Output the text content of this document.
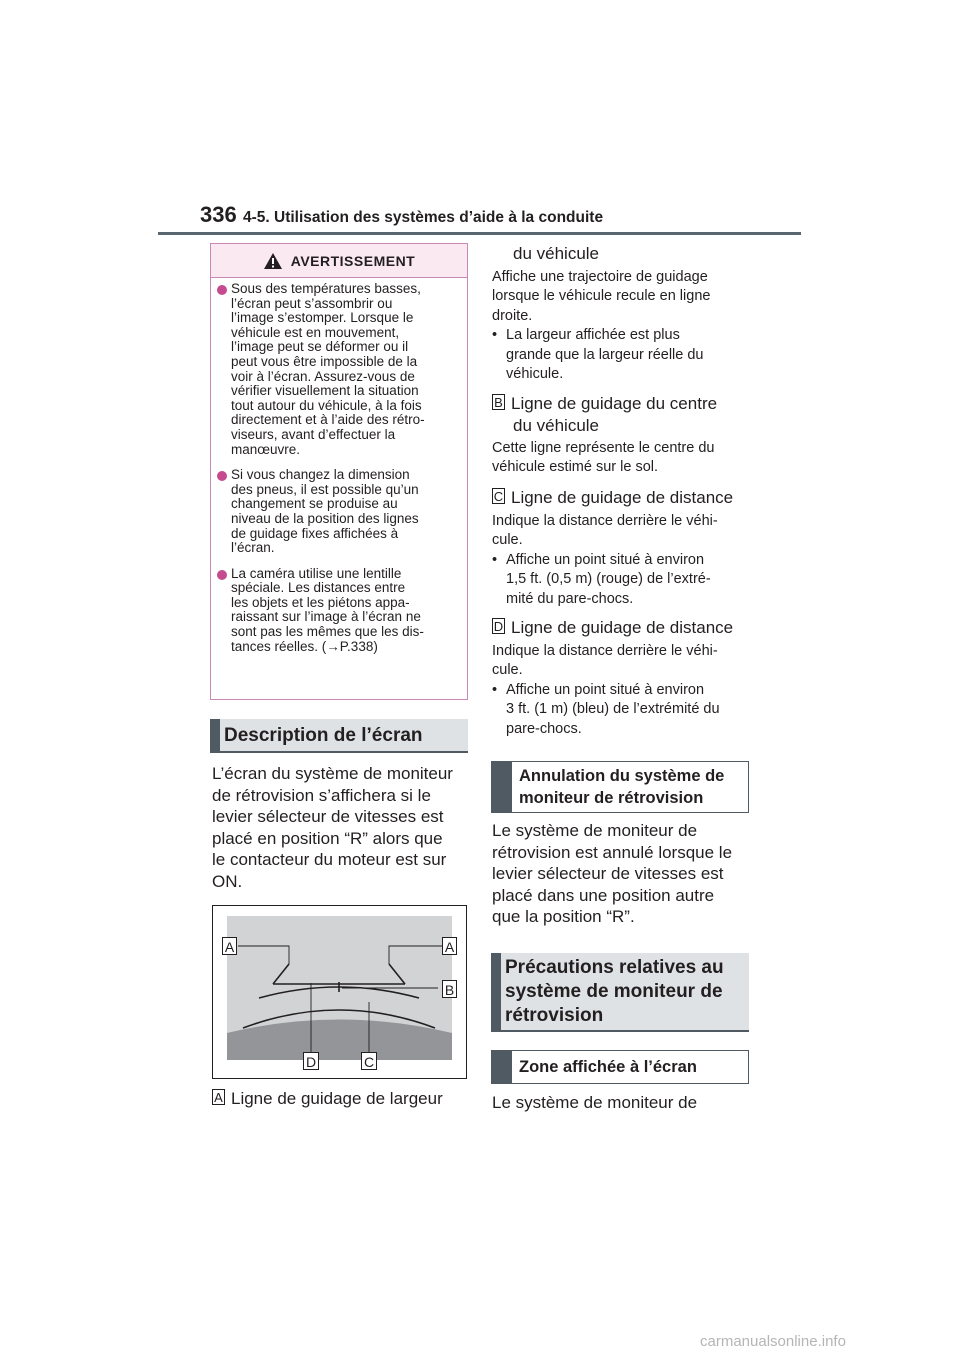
336 4-5. Utilisation des systèmes d’aide à la conduite
AVERTISSEMENT
Sous des températures basses,
l’écran peut s’assombrir ou
l’image s’estomper. Lorsque le
véhicule est en mouvement,
l’image peut se déformer ou il
peut vous être impossible de la
voir à l’écran. Assurez-vous de
vérifier visuellement la situation
tout autour du véhicule, à la fois
directement et à l’aide des rétro-
viseurs, avant d’effectuer la
manœuvre.
Si vous changez la dimension
des pneus, il est possible qu’un
changement se produise au
niveau de la position des lignes
de guidage fixes affichées à
l’écran.
La caméra utilise une lentille
spéciale. Les distances entre
les objets et les piétons appa-
raissant sur l’image à l’écran ne
sont pas les mêmes que les dis-
tances réelles. (→P.338)
Description de l’écran
L’écran du système de moniteur
de rétrovision s’affichera si le
levier sélecteur de vitesses est
placé en position “R” alors que
le contacteur du moteur est sur
ON.
A	A
B
D	C
A Ligne de guidage de largeur
du véhicule
Affiche une trajectoire de guidage
lorsque le véhicule recule en ligne
droite.
• La largeur affichée est plus
grande que la largeur réelle du
véhicule.
B Ligne de guidage du centre
du véhicule
Cette ligne représente le centre du
véhicule estimé sur le sol.
C Ligne de guidage de distance
Indique la distance derrière le véhi-
cule.
• Affiche un point situé à environ
1,5 ft. (0,5 m) (rouge) de l’extré-
mité du pare-chocs.
D Ligne de guidage de distance
Indique la distance derrière le véhi-
cule.
• Affiche un point situé à environ
3 ft. (1 m) (bleu) de l’extrémité du
pare-chocs.
Annulation du système de
moniteur de rétrovision
Le système de moniteur de
rétrovision est annulé lorsque le
levier sélecteur de vitesses est
placé dans une position autre
que la position “R”.
Précautions relatives au
système de moniteur de
rétrovision
Zone affichée à l’écran
Le système de moniteur de
carmanualsonline.info
